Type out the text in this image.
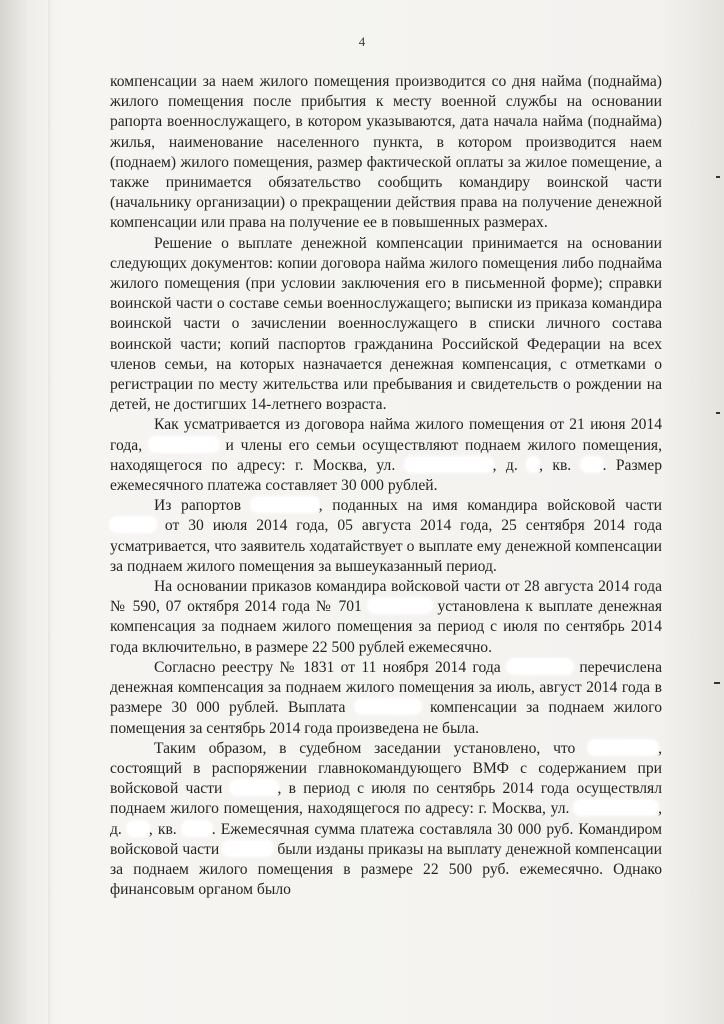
4

компенсации за наем жилого помещения производится со дня найма (поднайма) жилого помещения после прибытия к месту военной службы на основании рапорта военнослужащего, в котором указываются, дата начала найма (поднайма) жилья, наименование населенного пункта, в котором производится наем (поднаем) жилого помещения, размер фактической оплаты за жилое помещение, а также принимается обязательство сообщить командиру воинской части (начальнику организации) о прекращении действия права на получение денежной компенсации или права на получение ее в повышенных размерах.

Решение о выплате денежной компенсации принимается на основании следующих документов: копии договора найма жилого помещения либо поднайма жилого помещения (при условии заключения его в письменной форме); справки воинской части о составе семьи военнослужащего; выписки из приказа командира воинской части о зачислении военнослужащего в списки личного состава воинской части; копий паспортов гражданина Российской Федерации на всех членов семьи, на которых назначается денежная компенсация, с отметками о регистрации по месту жительства или пребывания и свидетельств о рождении на детей, не достигших 14-летнего возраста.

Как усматривается из договора найма жилого помещения от 21 июня 2014 года,	и члены его семьи осуществляют поднаем жилого помещения, находящегося по адресу: г. Москва, ул.	, д. , кв. . Размер ежемесячного платежа составляет 30 000 рублей.

Из рапортов	, поданных на имя командира войсковой части  от 30 июля 2014 года, 05 августа 2014 года, 25 сентября 2014 года усматривается, что заявитель ходатайствует о выплате ему денежной компенсации за поднаем жилого помещения за вышеуказанный период.

На основании приказов командира войсковой части от 28 августа 2014 года № 590, 07 октября 2014 года № 701	установлена к выплате денежная компенсация за поднаем жилого помещения за период с июля по сентябрь 2014 года включительно, в размере 22 500 рублей ежемесячно.

Согласно реестру № 1831 от 11 ноября 2014 года	перечислена денежная компенсация за поднаем жилого помещения за июль, август 2014 года в размере 30 000 рублей. Выплата	компенсации за поднаем жилого помещения за сентябрь 2014 года произведена не была.

Таким образом, в судебном заседании установлено, что	, состоящий в распоряжении главнокомандующего ВМФ с содержанием при войсковой части	, в период с июля по сентябрь 2014 года осуществлял поднаем жилого помещения, находящегося по адресу: г. Москва, ул.	, д. , кв. . Ежемесячная сумма платежа составляла 30 000 руб. Командиром войсковой части	были изданы приказы на выплату денежной компенсации за поднаем жилого помещения в размере 22 500 руб. ежемесячно. Однако финансовым органом было
